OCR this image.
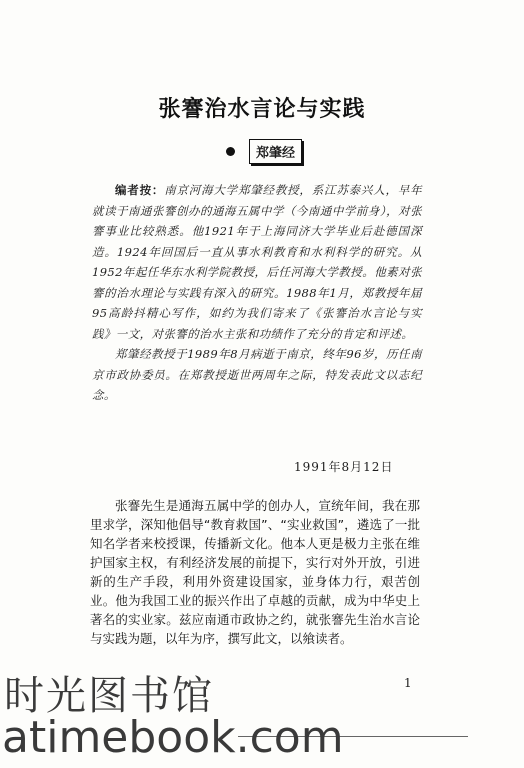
张謇治水言论与实践
郑肇经

编者按：南京河海大学郑肇经教授，系江苏泰兴人，早年就读于南通张謇创办的通海五属中学（今南通中学前身），对张謇事业比较熟悉。他1921年于上海同济大学毕业后赴德国深造。1924年回国后一直从事水利教育和水利科学的研究。从1952年起任华东水利学院教授，后任河海大学教授。他素对张謇的治水理论与实践有深入的研究。1988年1月，郑教授年届95高龄抖精心写作，如约为我们寄来了《张謇治水言论与实践》一文，对张謇的治水主张和功绩作了充分的肯定和评述。

郑肇经教授于1989年8月病逝于南京，终年96岁，历任南京市政协委员。在郑教授逝世两周年之际，特发表此文以志纪念。

1991年8月12日
张謇先生是通海五属中学的创办人，宣统年间，我在那里求学，深知他倡导“教育救国”、“实业救国”，遴选了一批知名学者来校授课，传播新文化。他本人更是极力主张在维护国家主权，有利经济发展的前提下，实行对外开放，引进新的生产手段，利用外资建设国家，並身体力行，艰苦创业。他为我国工业的振兴作出了卓越的贡献，成为中华史上著名的实业家。兹应南通市政协之约，就张謇先生治水言论与实践为题，以年为序，撰写此文，以飨读者。
1
时光图书馆
atimebook.com
